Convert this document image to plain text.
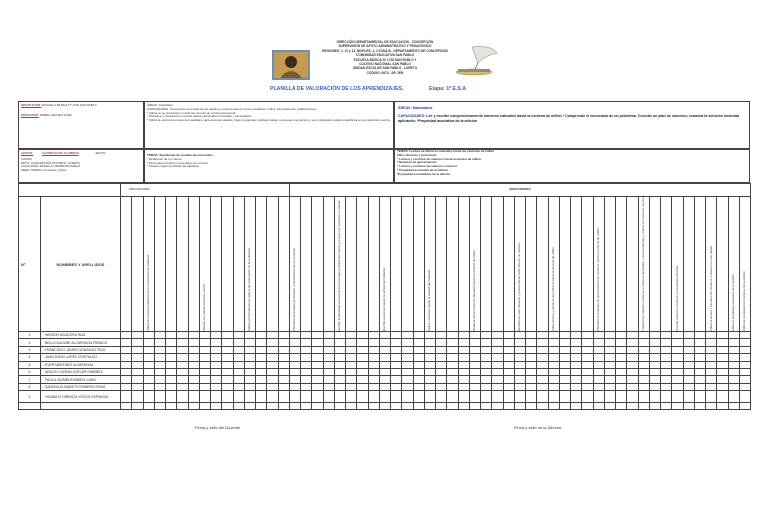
DIRECCIÓN DEPARTAMENTAL DE EDUCACIÓN - CONCEPCIÓN
SUPERVISIÓN DE APOYO ADMINISTRATIVO Y PEDAGÓGICO
REGIONES: 2, 12 y 13, NIVELES: 1, 2 ZONA B - DEPARTAMENTO DE CONCEPCIÓN
COMUNIDAD EDUCATIVA SAN PABLO
ESCUELA BÁSICA Nº 1726 SAN PABLO Y
COLEGIO NACIONAL SAN PABLO
UNIDAD ESCOLAR SAN PABLO - LORETO
CÓDIGO: 0973 - 0PI 1EN
PLANILLA DE VALORACIÓN DE LOS APRENDIZAJES.	Etapa: 1º E.S.A
INSTITUCIÓN: ESCUELA BÁSICA Nº 1726 SAN PABLO
PROFESOR: ISABEL CENTRA LÓEZ
ÁREAS: Castellano.
CAPACIDADES: Comprende el sentido de los saludos y expresiones en textos narrativos, títulos, informaciones, gráfica breves.
* Aplica en su producción escrita las normas de coherencia textual.
* Distingue y caracteriza en textos leídos personajes principales y secundarios.
* Utiliza la estructura propia del castellano para efectuar saludos, hacer preguntas, plantear dudas y expresar una opinión y sus principales reglas ortográficas en la producción escrita.
ÁREAS: Matemática
CAPACIDADES: Lee y escribe comprensivamente números naturales hasta la centena de millón * Comprende el enunciado de un problema. Concibe un plan de solución; examina la solución obtenida aplicando: *Propiedad asociativa de la adición
GRADO:	CANTIDAD DE ALUMNOS	SEXTO
CURSO
DPTO: CONCEPCIÓN DISTRITO: LORETO
LOCALIDAD: EDUELLO TENIENTE PABLO
SEDE-TIEMPO: Completo y Mixto
TEMAS: Significado de canidas desconocidas.
* Redacción de un cuento.
* Personaje principal y secundario de un texto.
* Oración según la actitud del hablante.
TEMAS: Lectura de Números naturales hasta las centenas de millón
Valor absoluto y posicional.
* Lectura y escritura de números hasta la decena de millón
* Notación de aproximación
* Lectura y escritura de números romanos
* Propiedad asociativa de la adición
*Propiedad conmutativa de la adición
		INDICADORES															INDICADORES																																								
Nº	NOMBRES Y APELLIDOS			Utiliza las normas prácticas en la convención de palabras.					Plantea por dónde el mismo cuento.				Utiliza correctamente los signos de puntuación en la redacción.				Identifica personajes principales y secundarios de la narración.				Escribe la identidad emocional del personaje principal del cuento y lo que nos transmite su actitud.				Escribe oraciones según la actitud del hablante.				Utiliza oraciones según la actitud del hablante.				Redacta sobre números naturales hasta la centena de millón				Identifica el valor absoluto y posicional de cada cifra en un número.			Utiliza lectura y escritura de números hasta la decena de millón				Identifica la notación de aproximación de números hasta la centena de millón				Transforma números romanos a números decimales, y lee escribiendo y ordena en números romanos.			Escribe números romanos en el sistema decimal			Utiliza la lectura y escritura de números romanos con sus reglas		Utiliza la propiedad asociativa de la adición	Utiliza la propiedad conmutativa de la adición

1	WINSOR AGUILERA RUIZ																																																								
2	BELLA SALOME ALCARRAGA FRANCO																																																								
3	FRANCISCO JAVIER GONZALEZ RUIZ																																																								
4	JUAN DAVID LOPEZ CRISTALDO																																																								
5	EVER MARTINEZ ALVARENGA																																																								
6	ARACELI NOEMI OVELAR GIMENEZ																																																								
7	PAOLA JAZMIN ROMERO CANO																																																								
8	SANDRA ELIZABETH ROMERO RIVAS																																																								
9	YANINA FLORENCIA YEGOS ESPINOZA																																																								

Firma y sello del Docente	Firma y sello de la Director
